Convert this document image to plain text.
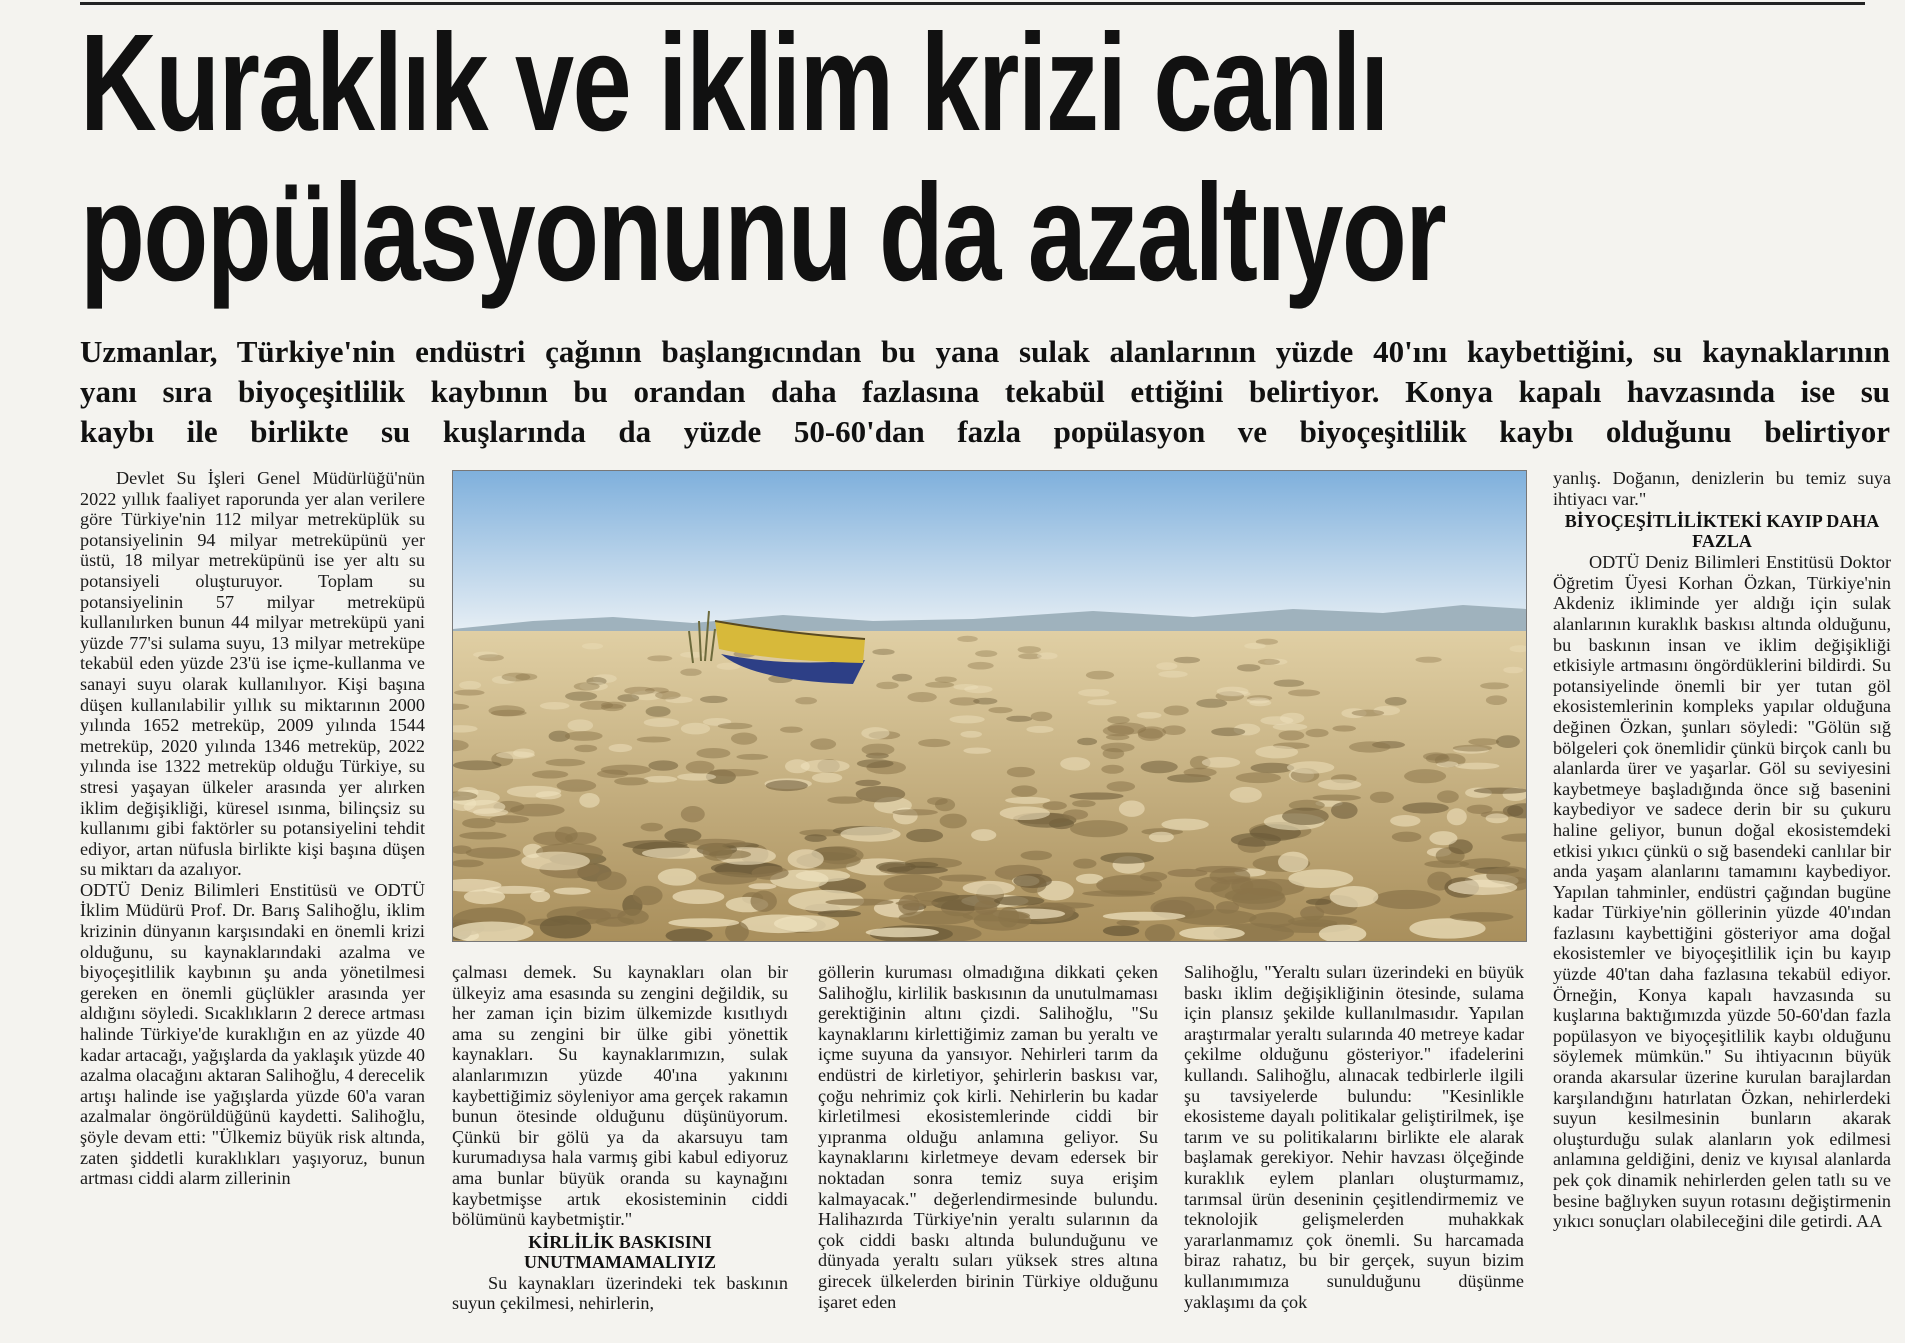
Kuraklık ve iklim krizi canlı
popülasyonunu da azaltıyor
Uzmanlar, Türkiye'nin endüstri çağının başlangıcından bu yana sulak alanlarının yüzde 40'ını kaybettiğini, su kaynaklarının
yanı sıra biyoçeşitlilik kaybının bu orandan daha fazlasına tekabül ettiğini belirtiyor. Konya kapalı havzasında ise su
kaybı ile birlikte su kuşlarında da yüzde 50-60'dan fazla popülasyon ve biyoçeşitlilik kaybı olduğunu belirtiyor

Devlet Su İşleri Genel Müdürlüğü'nün 2022 yıllık faaliyet raporunda yer alan verilere göre Türkiye'nin 112 milyar metreküplük su potansiyelinin 94 milyar metreküpünü yer üstü, 18 milyar metreküpünü ise yer altı su potansiyeli oluşturuyor. Toplam su potansiyelinin 57 milyar metreküpü kullanılırken bunun 44 milyar metreküpü yani yüzde 77'si sulama suyu, 13 milyar metreküpe tekabül eden yüzde 23'ü ise içme-kullanma ve sanayi suyu olarak kullanılıyor. Kişi başına düşen kullanılabilir yıllık su miktarının 2000 yılında 1652 metreküp, 2009 yılında 1544 metreküp, 2020 yılında 1346 metreküp, 2022 yılında ise 1322 metreküp olduğu Türkiye, su stresi yaşayan ülkeler arasında yer alırken iklim değişikliği, küresel ısınma, bilinçsiz su kullanımı gibi faktörler su potansiyelini tehdit ediyor, artan nüfusla birlikte kişi başına düşen su miktarı da azalıyor.

ODTÜ Deniz Bilimleri Enstitüsü ve ODTÜ İklim Müdürü Prof. Dr. Barış Salihoğlu, iklim krizinin dünyanın karşısındaki en önemli krizi olduğunu, su kaynaklarındaki azalma ve biyoçeşitlilik kaybının şu anda yönetilmesi gereken en önemli güçlükler arasında yer aldığını söyledi. Sıcaklıkların 2 derece artması halinde Türkiye'de kuraklığın en az yüzde 40 kadar artacağı, yağışlarda da yaklaşık yüzde 40 azalma olacağını aktaran Salihoğlu, 4 derecelik artışı halinde ise yağışlarda yüzde 60'a varan azalmalar öngörüldüğünü kaydetti. Salihoğlu, şöyle devam etti: "Ülkemiz büyük risk altında, zaten şiddetli kuraklıkları yaşıyoruz, bunun artması ciddi alarm zillerinin

çalması demek. Su kaynakları olan bir ülkeyiz ama esasında su zengini değildik, su her zaman için bizim ülkemizde kısıtlıydı ama su zengini bir ülke gibi yönettik kaynakları. Su kaynaklarımızın, sulak alanlarımızın yüzde 40'ına yakınını kaybettiğimiz söyleniyor ama gerçek rakamın bunun ötesinde olduğunu düşünüyorum. Çünkü bir gölü ya da akarsuyu tam kurumadıysa hala varmış gibi kabul ediyoruz ama bunlar büyük oranda su kaynağını kaybetmişse artık ekosisteminin ciddi bölümünü kaybetmiştir."

KİRLİLİK BASKISINI UNUTMAMAMALIYIZ

Su kaynakları üzerindeki tek baskının suyun çekilmesi, nehirlerin,

göllerin kuruması olmadığına dikkati çeken Salihoğlu, kirlilik baskısının da unutulmaması gerektiğinin altını çizdi. Salihoğlu, "Su kaynaklarını kirlettiğimiz zaman bu yeraltı ve içme suyuna da yansıyor. Nehirleri tarım da endüstri de kirletiyor, şehirlerin baskısı var, çoğu nehrimiz çok kirli. Nehirlerin bu kadar kirletilmesi ekosistemlerinde ciddi bir yıpranma olduğu anlamına geliyor. Su kaynaklarını kirletmeye devam edersek bir noktadan sonra temiz suya erişim kalmayacak." değerlendirmesinde bulundu. Halihazırda Türkiye'nin yeraltı sularının da çok ciddi baskı altında bulunduğunu ve dünyada yeraltı suları yüksek stres altına girecek ülkelerden birinin Türkiye olduğunu işaret eden

Salihoğlu, "Yeraltı suları üzerindeki en büyük baskı iklim değişikliğinin ötesinde, sulama için plansız şekilde kullanılmasıdır. Yapılan araştırmalar yeraltı sularında 40 metreye kadar çekilme olduğunu gösteriyor." ifadelerini kullandı. Salihoğlu, alınacak tedbirlerle ilgili şu tavsiyelerde bulundu: "Kesinlikle ekosisteme dayalı politikalar geliştirilmek, işe tarım ve su politikalarını birlikte ele alarak başlamak gerekiyor. Nehir havzası ölçeğinde kuraklık eylem planları oluşturmamız, tarımsal ürün deseninin çeşitlendirmemiz ve teknolojik gelişmelerden muhakkak yararlanmamız çok önemli. Su harcamada biraz rahatız, bu bir gerçek, suyun bizim kullanımımıza sunulduğunu düşünme yaklaşımı da çok

yanlış. Doğanın, denizlerin bu temiz suya ihtiyacı var."

BİYOÇEŞİTLİLİKTEKİ KAYIP DAHA FAZLA

ODTÜ Deniz Bilimleri Enstitüsü Doktor Öğretim Üyesi Korhan Özkan, Türkiye'nin Akdeniz ikliminde yer aldığı için sulak alanlarının kuraklık baskısı altında olduğunu, bu baskının insan ve iklim değişikliği etkisiyle artmasını öngördüklerini bildirdi. Su potansiyelinde önemli bir yer tutan göl ekosistemlerinin kompleks yapılar olduğuna değinen Özkan, şunları söyledi: "Gölün sığ bölgeleri çok önemlidir çünkü birçok canlı bu alanlarda ürer ve yaşarlar. Göl su seviyesini kaybetmeye başladığında önce sığ basenini kaybediyor ve sadece derin bir su çukuru haline geliyor, bunun doğal ekosistemdeki etkisi yıkıcı çünkü o sığ basendeki canlılar bir anda yaşam alanlarını tamamını kaybediyor. Yapılan tahminler, endüstri çağından bugüne kadar Türkiye'nin göllerinin yüzde 40'ından fazlasını kaybettiğini gösteriyor ama doğal ekosistemler ve biyoçeşitlilik için bu kayıp yüzde 40'tan daha fazlasına tekabül ediyor. Örneğin, Konya kapalı havzasında su kuşlarına baktığımızda yüzde 50-60'dan fazla popülasyon ve biyoçeşitlilik kaybı olduğunu söylemek mümkün." Su ihtiyacının büyük oranda akarsular üzerine kurulan barajlardan karşılandığını hatırlatan Özkan, nehirlerdeki suyun kesilmesinin bunların akarak oluşturduğu sulak alanların yok edilmesi anlamına geldiğini, deniz ve kıyısal alanlarda pek çok dinamik nehirlerden gelen tatlı su ve besine bağlıyken suyun rotasını değiştirmenin yıkıcı sonuçları olabileceğini dile getirdi. AA
